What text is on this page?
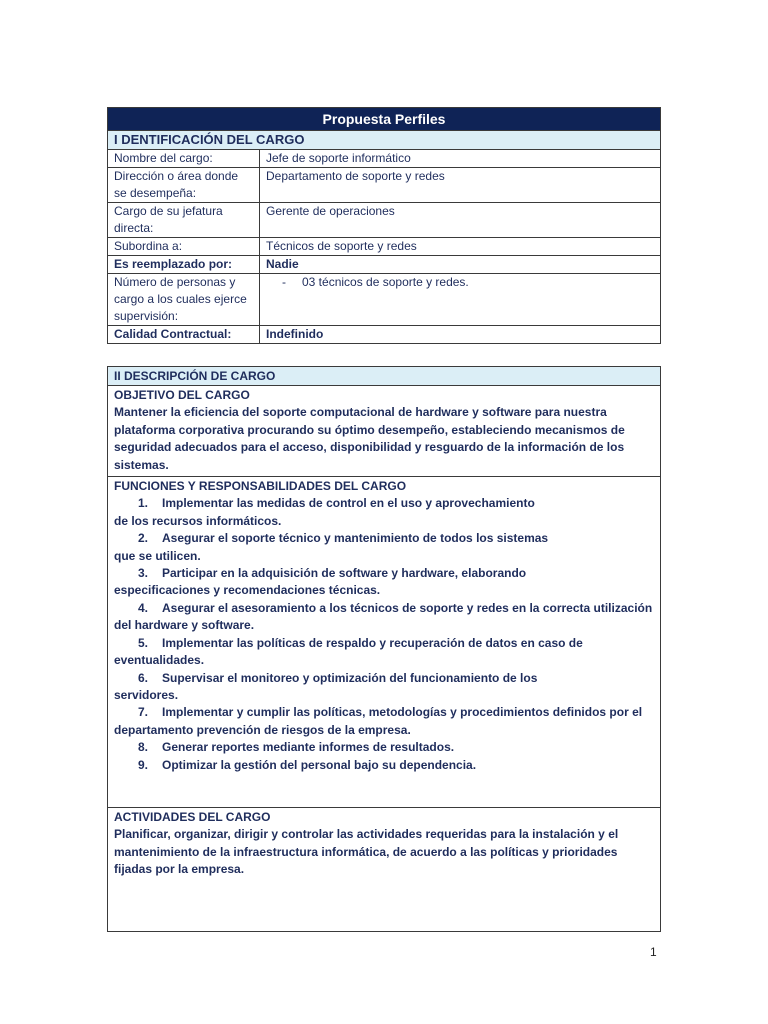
Propuesta Perfiles	
I DENTIFICACIÓN DEL CARGO	
Nombre del cargo:	Jefe de soporte informático
Dirección o área donde se desempeña:	Departamento de soporte y redes
Cargo de su jefatura directa:	Gerente de operaciones
Subordina a:	Técnicos de soporte y redes
Es reemplazado por:	Nadie
Número de personas y cargo a los cuales ejerce supervisión:	- 03 técnicos de soporte y redes.
Calidad Contractual:	Indefinido
II DESCRIPCIÓN DE CARGO

OBJETIVO DEL CARGO
Mantener la eficiencia del soporte computacional de hardware y software para nuestra plataforma corporativa procurando su óptimo desempeño, estableciendo mecanismos de seguridad adecuados para el acceso, disponibilidad y resguardo de la información de los sistemas.

FUNCIONES Y RESPONSABILIDADES DEL CARGO
1. Implementar las medidas de control en el uso y aprovechamiento
de los recursos informáticos.
2. Asegurar el soporte técnico y mantenimiento de todos los sistemas
que se utilicen.
3. Participar en la adquisición de software y hardware, elaborando
especificaciones y recomendaciones técnicas.
4. Asegurar el asesoramiento a los técnicos de soporte y redes en la correcta utilización
del hardware y software.
5. Implementar las políticas de respaldo y recuperación de datos en caso de
eventualidades.
6. Supervisar el monitoreo y optimización del funcionamiento de los
servidores.
7. Implementar y cumplir las políticas, metodologías y procedimientos definidos por el
departamento prevención de riesgos de la empresa.
8. Generar reportes mediante informes de resultados.
9. Optimizar la gestión del personal bajo su dependencia.

ACTIVIDADES DEL CARGO
Planificar, organizar, dirigir y controlar las actividades requeridas para la instalación y el mantenimiento de la infraestructura informática, de acuerdo a las políticas y prioridades fijadas por la empresa.
1
